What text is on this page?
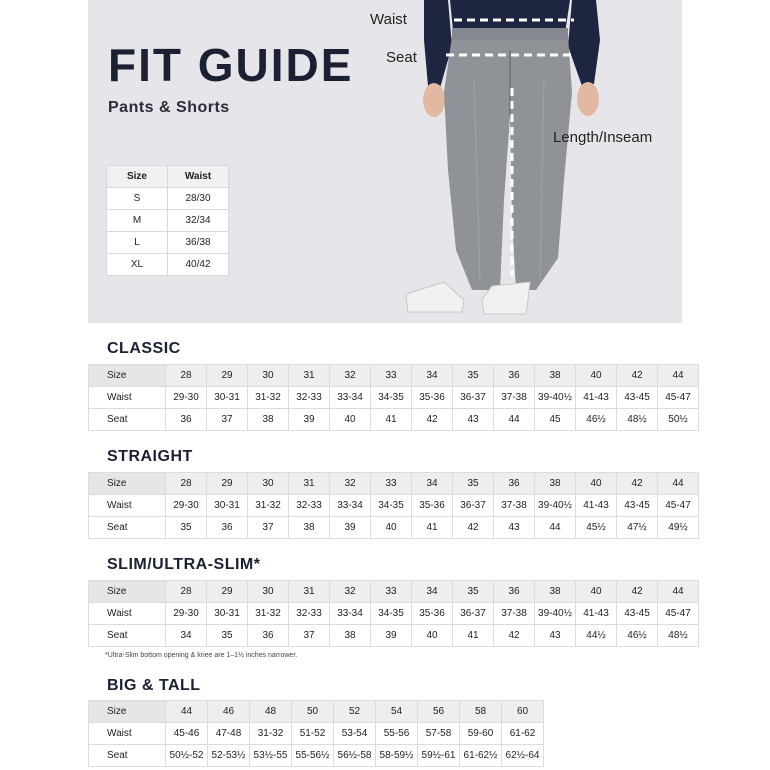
FIT GUIDE
Pants & Shorts
Size	Waist
S	28/30
M	32/34
L	36/38
XL	40/42
Waist
Seat
Length/Inseam
CLASSIC
Size	28	29	30	31	32	33	34	35	36	38	40	42	44
Waist	29-30	30-31	31-32	32-33	33-34	34-35	35-36	36-37	37-38	39-40½	41-43	43-45	45-47
Seat	36	37	38	39	40	41	42	43	44	45	46½	48½	50½
STRAIGHT
Size	28	29	30	31	32	33	34	35	36	38	40	42	44
Waist	29-30	30-31	31-32	32-33	33-34	34-35	35-36	36-37	37-38	39-40½	41-43	43-45	45-47
Seat	35	36	37	38	39	40	41	42	43	44	45½	47½	49½
SLIM/ULTRA-SLIM*
Size	28	29	30	31	32	33	34	35	36	38	40	42	44
Waist	29-30	30-31	31-32	32-33	33-34	34-35	35-36	36-37	37-38	39-40½	41-43	43-45	45-47
Seat	34	35	36	37	38	39	40	41	42	43	44½	46½	48½
*Ultra-Slim bottom opening & knee are 1–1½ inches narrower.
BIG & TALL
Size	44	46	48	50	52	54	56	58	60
Waist	45-46	47-48	31-32	51-52	53-54	55-56	57-58	59-60	61-62
Seat	50½-52	52-53½	53½-55	55-56½	56½-58	58-59½	59½-61	61-62½	62½-64
